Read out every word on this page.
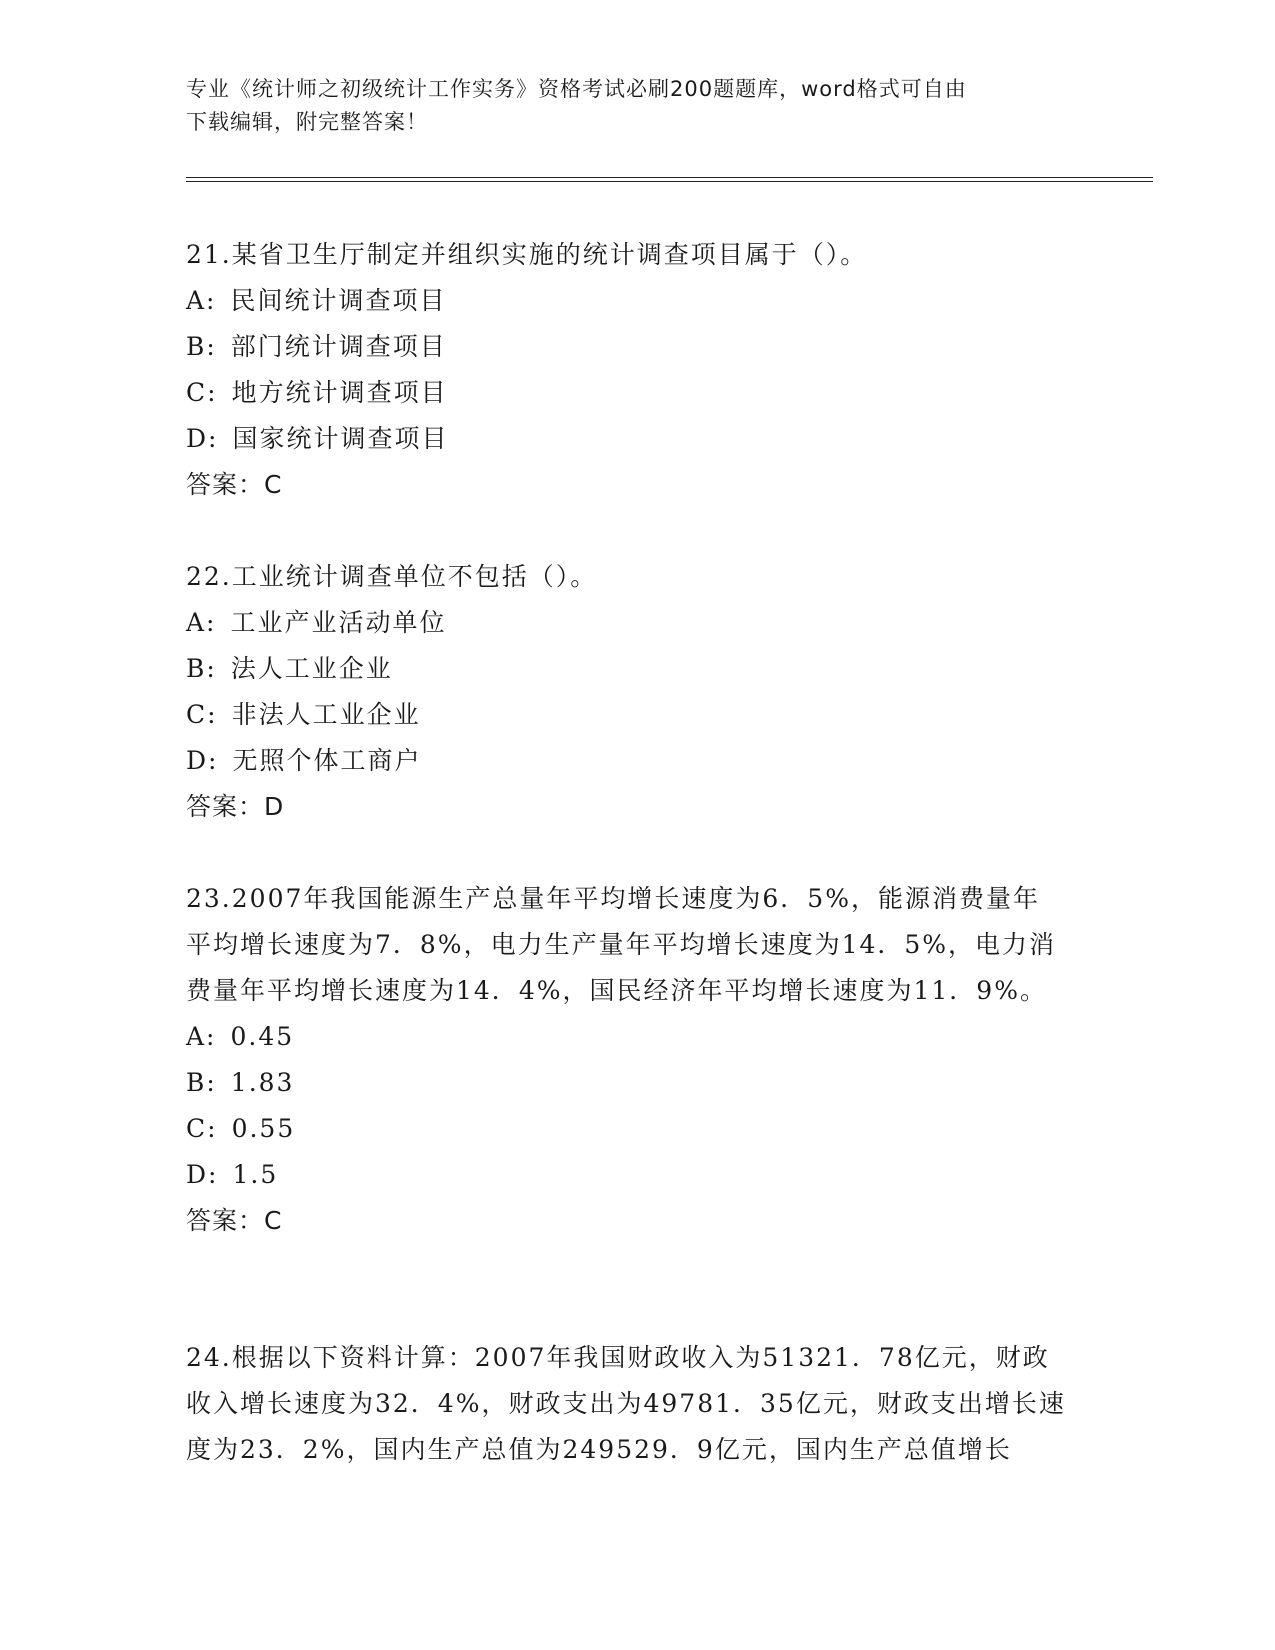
专业《统计师之初级统计工作实务》资格考试必刷200题题库，word格式可自由
下载编辑，附完整答案！

21.某省卫生厅制定并组织实施的统计调查项目属于（）。

A: 民间统计调查项目

B: 部门统计调查项目

C: 地方统计调查项目

D: 国家统计调查项目

答案：C

22.工业统计调查单位不包括（）。

A: 工业产业活动单位

B: 法人工业企业

C: 非法人工业企业

D: 无照个体工商户

答案：D

23.2007年我国能源生产总量年平均增长速度为6．5%，能源消费量年平均增长速度为7．8%，电力生产量年平均增长速度为14．5%，电力消费量年平均增长速度为14．4%，国民经济年平均增长速度为11．9%。

A: 0.45

B: 1.83

C: 0.55

D: 1.5

答案：C

24.根据以下资料计算：2007年我国财政收入为51321．78亿元，财政收入增长速度为32．4%，财政支出为49781．35亿元，财政支出增长速度为23．2%，国内生产总值为249529．9亿元，国内生产总值增长
